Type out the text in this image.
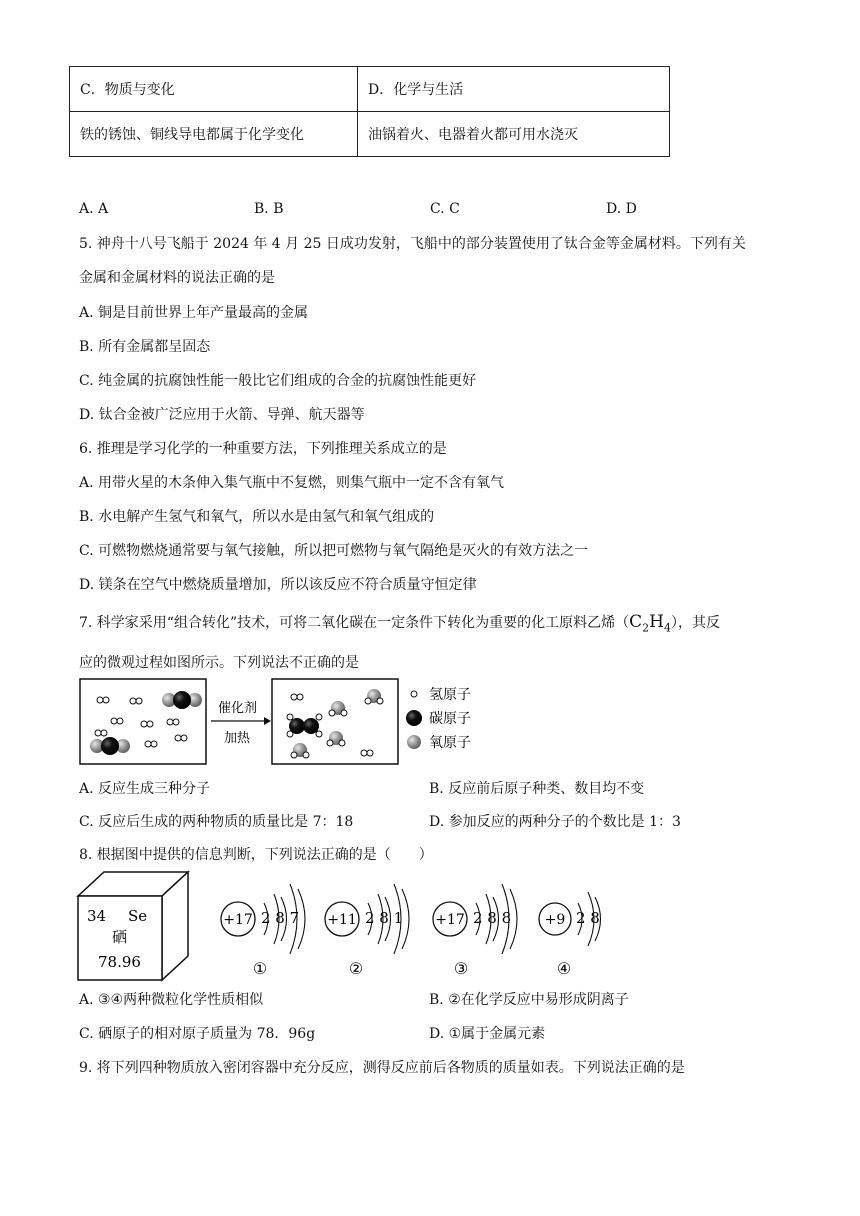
C．物质与变化	D．化学与生活
铁的锈蚀、铜线导电都属于化学变化	油锅着火、电器着火都可用水浇灭
A. A	B. B	C. C	D. D
5. 神舟十八号飞船于 2024 年 4 月 25 日成功发射，飞船中的部分装置使用了钛合金等金属材料。下列有关
金属和金属材料的说法正确的是
A. 铜是目前世界上年产量最高的金属
B. 所有金属都呈固态
C. 纯金属的抗腐蚀性能一般比它们组成的合金的抗腐蚀性能更好
D. 钛合金被广泛应用于火箭、导弹、航天器等
6. 推理是学习化学的一种重要方法，下列推理关系成立的是
A. 用带火星的木条伸入集气瓶中不复燃，则集气瓶中一定不含有氧气
B. 水电解产生氢气和氧气，所以水是由氢气和氧气组成的
C. 可燃物燃烧通常要与氧气接触，所以把可燃物与氧气隔绝是灭火的有效方法之一
D. 镁条在空气中燃烧质量增加，所以该反应不符合质量守恒定律
7. 科学家采用“组合转化”技术，可将二氧化碳在一定条件下转化为重要的化工原料乙烯$(C_2H_4)$，其反
应的微观过程如图所示。下列说法不正确的是
催化剂
加热
氢原子
碳原子
氧原子
A. 反应生成三种分子	B. 反应前后原子种类、数目均不变
C. 反应后生成的两种物质的质量比是 7：18	D. 参加反应的两种分子的个数比是 1：3
8. 根据图中提供的信息判断，下列说法正确的是（　　）
34 Se
硒
78.96
+17 2 8 7
①
+11 2 8 1
②
+17 2 8 8
③
+9 2 8
④
A. ③④两种微粒化学性质相似	B. ②在化学反应中易形成阴离子
C. 硒原子的相对原子质量为 78．96g	D. ①属于金属元素
9. 将下列四种物质放入密闭容器中充分反应，测得反应前后各物质的质量如表。下列说法正确的是
